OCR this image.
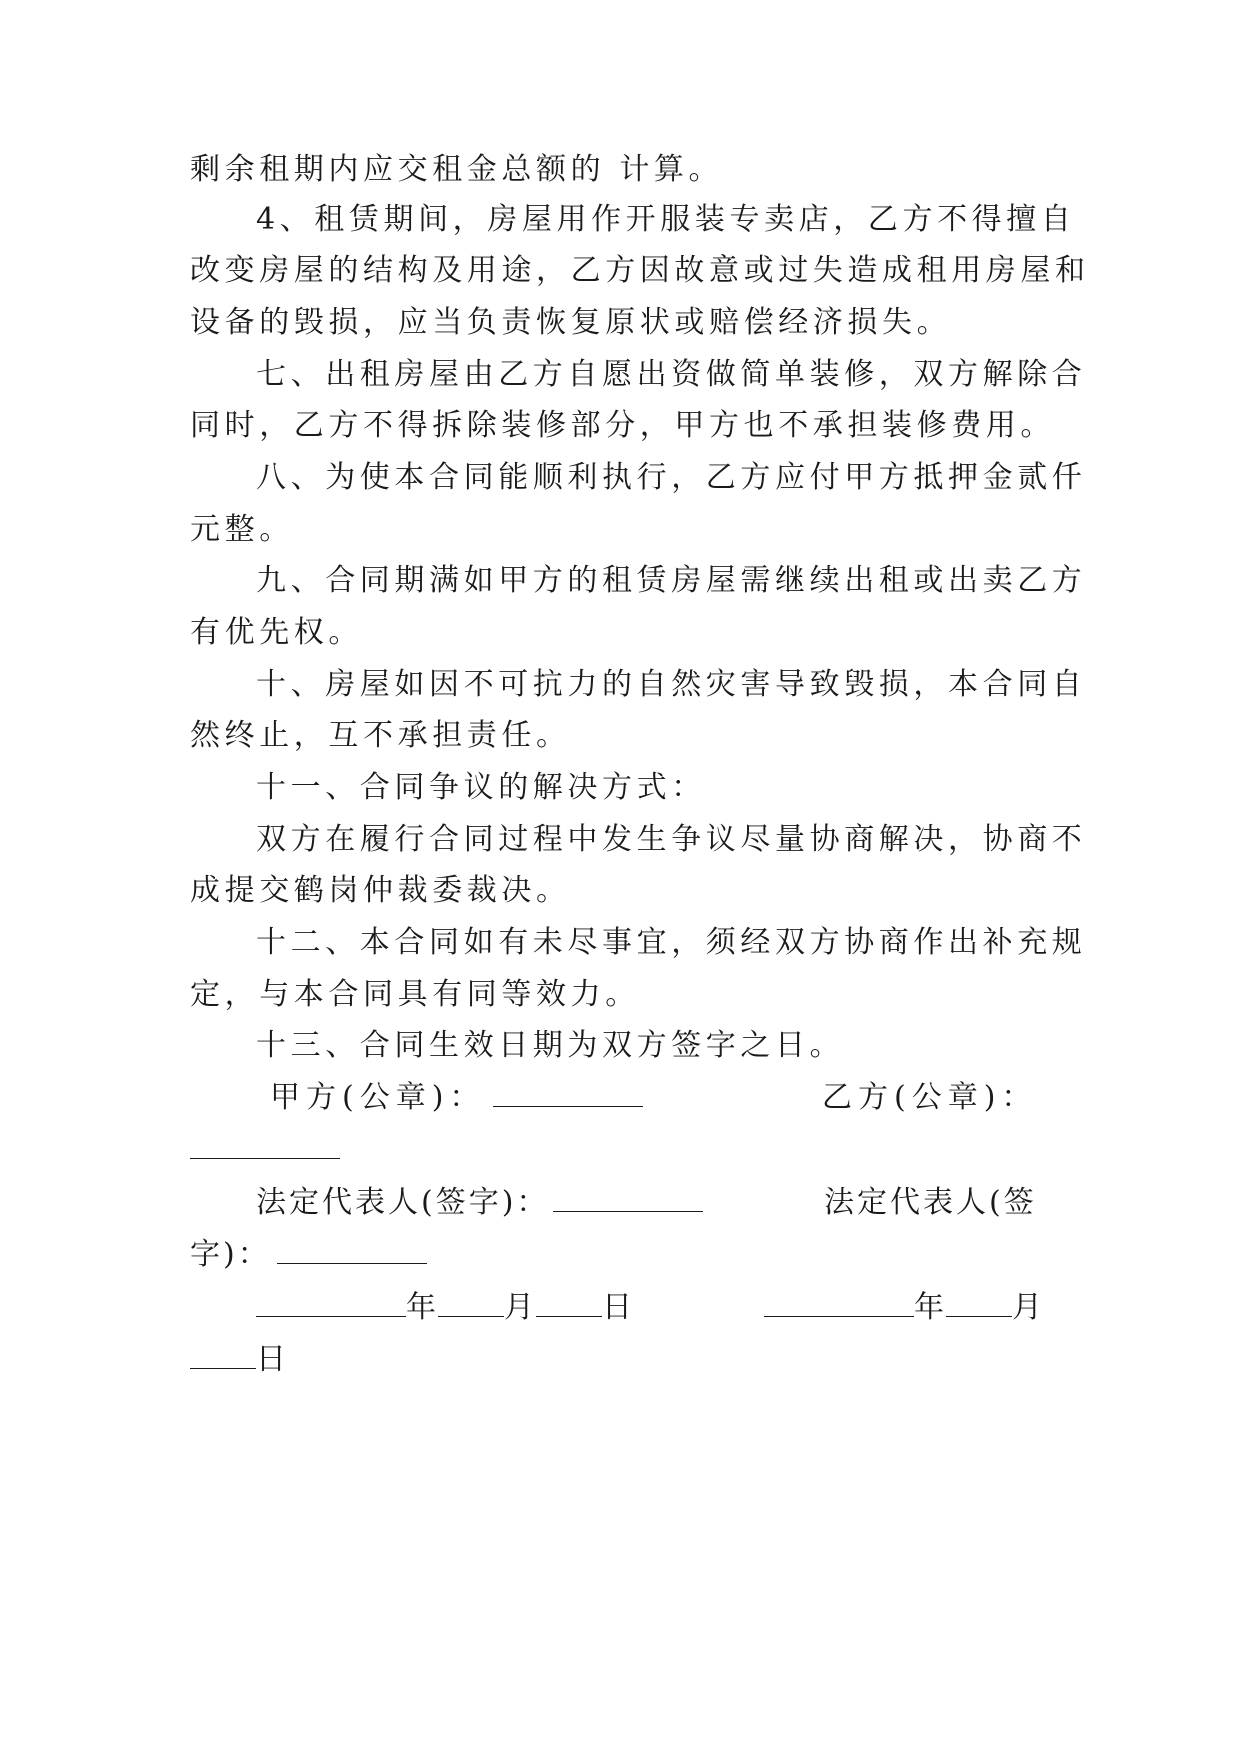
剩余租期内应交租金总额的 计算。
4、租赁期间，房屋用作开服装专卖店，乙方不得擅自
改变房屋的结构及用途，乙方因故意或过失造成租用房屋和
设备的毁损，应当负责恢复原状或赔偿经济损失。
七、出租房屋由乙方自愿出资做简单装修，双方解除合
同时，乙方不得拆除装修部分，甲方也不承担装修费用。
八、为使本合同能顺利执行，乙方应付甲方抵押金贰仟
元整。
九、合同期满如甲方的租赁房屋需继续出租或出卖乙方
有优先权。
十、房屋如因不可抗力的自然灾害导致毁损，本合同自
然终止，互不承担责任。
十一、合同争议的解决方式：
双方在履行合同过程中发生争议尽量协商解决，协商不
成提交鹤岗仲裁委裁决。
十二、本合同如有未尽事宜，须经双方协商作出补充规
定，与本合同具有同等效力。
十三、合同生效日期为双方签字之日。
甲方(公章)：	乙方(公章)：
法定代表人(签字)：	法定代表人(签
字)：
年 月 日	年 月
日
